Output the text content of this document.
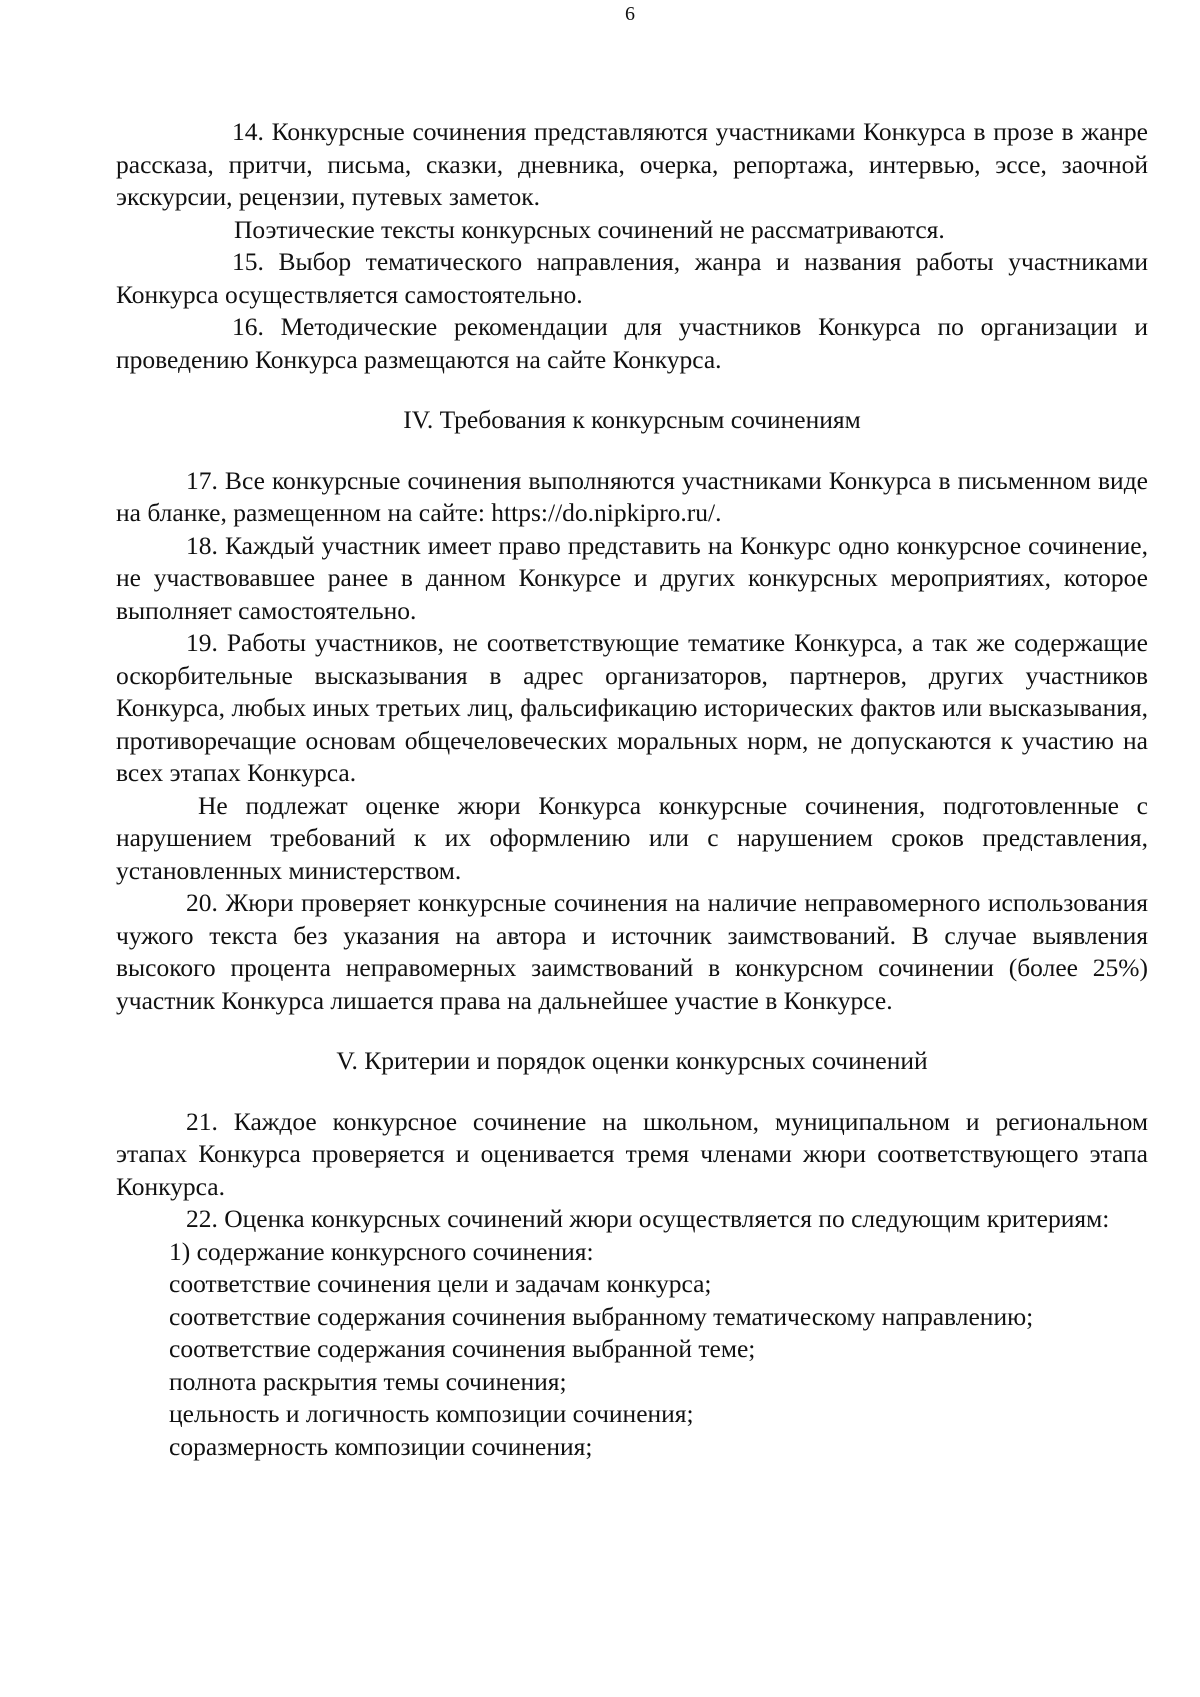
6

14. Конкурсные сочинения представляются участниками Конкурса в прозе в жанре рассказа, притчи, письма, сказки, дневника, очерка, репортажа, интервью, эссе, заочной экскурсии, рецензии, путевых заметок.

Поэтические тексты конкурсных сочинений не рассматриваются.

15. Выбор тематического направления, жанра и названия работы участниками Конкурса осуществляется самостоятельно.

16. Методические рекомендации для участников Конкурса по организации и проведению Конкурса размещаются на сайте Конкурса.

IV. Требования к конкурсным сочинениям

17. Все конкурсные сочинения выполняются участниками Конкурса в письменном виде на бланке, размещенном на сайте: https://do.nipkipro.ru/.

18. Каждый участник имеет право представить на Конкурс одно конкурсное сочинение, не участвовавшее ранее в данном Конкурсе и других конкурсных мероприятиях, которое выполняет самостоятельно.

19. Работы участников, не соответствующие тематике Конкурса, а так же содержащие оскорбительные высказывания в адрес организаторов, партнеров, других участников Конкурса, любых иных третьих лиц, фальсификацию исторических фактов или высказывания, противоречащие основам общечеловеческих моральных норм, не допускаются к участию на всех этапах Конкурса.

Не подлежат оценке жюри Конкурса конкурсные сочинения, подготовленные с нарушением требований к их оформлению или с нарушением сроков представления, установленных министерством.

20. Жюри проверяет конкурсные сочинения на наличие неправомерного использования чужого текста без указания на автора и источник заимствований. В случае выявления высокого процента неправомерных заимствований в конкурсном сочинении (более 25%) участник Конкурса лишается права на дальнейшее участие в Конкурсе.

V. Критерии и порядок оценки конкурсных сочинений

21. Каждое конкурсное сочинение на школьном, муниципальном и региональном этапах Конкурса проверяется и оценивается тремя членами жюри соответствующего этапа Конкурса.

22. Оценка конкурсных сочинений жюри осуществляется по следующим критериям:

1) содержание конкурсного сочинения:

соответствие сочинения цели и задачам конкурса;

соответствие содержания сочинения выбранному тематическому направлению;

соответствие содержания сочинения выбранной теме;

полнота раскрытия темы сочинения;

цельность и логичность композиции сочинения;

соразмерность композиции сочинения;
